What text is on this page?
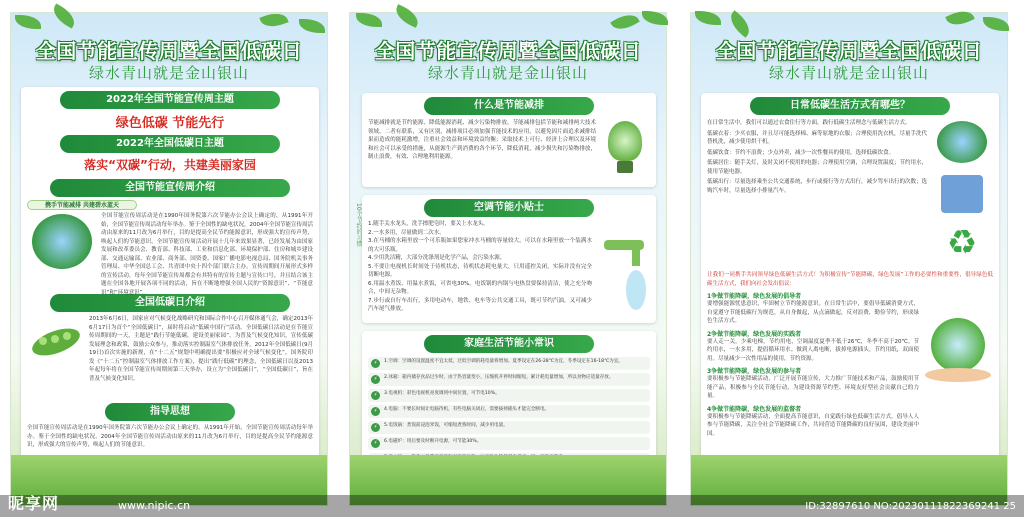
全国节能宣传周暨全国低碳日
绿水青山就是金山银山
2022年全国节能宣传周主题
绿色低碳 节能先行
2022年全国低碳日主题
落实“双碳”行动，共建美丽家园
全国节能宣传周介绍
携手节能减排 共建碧水蓝天
全国节能宣传周活动是在1990年国务院第六次节能办公会议上确定的，从1991年开始，全国节能宣传周活动每年举办。鉴于全国性的缺电状况，2004年全国节能宣传周活动由原来的11月改为6月举行，目的是提高全民节约能源意识，形成强大的宣传声势，唤起人们的节能意识。全国节能宣传周活动开展十几年来效果显著，已经发展为由国家发展和改革委员会、教育部、科技部、工业和信息化部、环境保护部、住房和城乡建设部、交通运输部、农业部、商务部、国资委、国家广播电影电视总局、国务院机关事务管理局、中华全国总工会、共青团中央十四个部门联合主办，宣传周期间开展形式多样的宣传活动。每年全国节能宣传周都会有其特有的宣传主题与宣传口号，并且结合该主题在全国各地开展各项不同的活动，旨在不断地增强全国人民的“资源意识”、“节能意识”和“环境意识”。
全国低碳日介绍
2013年6月6日，国家应对气候变化战略研究和国际合作中心召开媒体通气会，确定2013年6月17日为首个“全国低碳日”，届时将启动“低碳中国行”活动。全国低碳日活动是在节能宣传周期间的一天，主题是“践行节能低碳，建设美丽家园”。为普及气候变化知识，宣传低碳发展理念和政策，鼓励公众参与，推动落实控制温室气体排放任务，2012年全国低碳日(9月19日)首次实施的新规，在“十二五”规划中明确提出要“积极应对全球气候变化”，国务院印发《“十二五”控制温室气体排放工作方案》，提出“践行低碳”的理念，全国低碳日以及2013年起每年将在全国节能宣传周期间第三天举办，设立为“全国低碳日”，“全国低碳日”，旨在普及气候变化知识。
指导思想
全国节能宣传周活动是在1990年国务院第六次节能办公会议上确定的，从1991年开始，全国节能宣传周活动每年举办。鉴于全国性的缺电状况，2004年全国节能宣传周活动由原来的11月改为6月举行，目的是提高全民节约能源意识，形成强大的宣传声势，唤起人们的节能意识。
全国节能宣传周暨全国低碳日
绿水青山就是金山银山
什么是节能减排
节能减排就是节约能源、降低能源消耗、减少污染物排放。节能减排包括节能和减排两大技术领域，二者有联系，又有区别，减排项目必须加强节能技术的应用，以避免因片面追求减排结果而造成的能耗激增，注重社会效益和环境效益均衡；采取技术上可行、经济上合理以及环境和社会可以承受的措施，从能源生产到消费的各个环节，降低消耗，减少损失和污染物排放，制止浪费，有效、合理地利用能源。
空调节能小贴士
1.随手关水龙头，洗手擦肥皂时，要关上水龙头。
2.一水多用，尽量做到二次水。
3.在马桶的水箱里放一个可乐瓶如果您家冲水马桶的容量较大，可以在水箱里放一个装满水的大可乐瓶。
4.少用洗洁精，大部分洗涤剂是化学产品，会污染水源。
5.不要让电视机长时间处于待机状态，待机状态耗电量大，只用遥控关闭，实际并没有完全切断电源。
6.用温水煮饭、用温水煮饭，可省电30%。电饭锅的内锅与电热盘要保持清洁，使之充分吻合，中间无杂物。
7.步行或自行车出行，多用电动车，地铁、电车等公共交通工具，既可节约汽油，又可减少汽车尾气排放。
10个节约的习惯
家庭生活节能小常识
⚡	1.空调：空调的设置温度不宜太低，过低空调的耗电量将增加。夏季设定在26-28℃为宜，冬季设定在16-18℃为宜。
⚡	2.冰箱：箱内储存食品过少时，由于热容量变小，压缩机开停时间缩短，累计耗电量增加，所以食物应适量存放。
⚡	3.电视机：彩色电视机亮度调到中间位置，可节电10%。
⚡	4.电脑：不要长时间让电脑待机，有些电脑关闭后，需要拔掉插头才能完全断电。
⚡	5.电饭锅：煮饭前浸泡米饭，可缩短煮熟时间，减少用电量。
⚡	6.电磁炉：用后要及时断开电源，可节能30%。
全国节能宣传周暨全国低碳日
绿水青山就是金山银山
日常低碳生活方式有哪些？
在日常生活中，我们可以通过衣食住行等方面，践行低碳生活理念与低碳生活方式。
低碳衣着：少买衣服，并且尽可能选择棉、麻等原地的衣服；合理使用洗衣机，尽量手洗代替机洗，减少使用烘干机。
低碳饮食：节约不浪费；少点外卖，减少一次性餐具的使用，选择低碳饮食。
低碳居住：随手关灯，及时关闭不使用的电器；合理使用空调，合理设置温度；节约用水，使用节能电器。
低碳出行：尽量选择乘坐公共交通系统，步行或骑行等方式出行，减少驾车出行的次数；选购汽车时，尽量选择小排量汽车。
♻
让我们一同携手共同领导绿色低碳生活方式！为积极宣传“节能降碳，绿色发展”工作的必要性和重要性，倡导绿色低碳生活方式，我们向社会发出倡议：
1争做节能降碳，绿色发展的倡导者
要增强能源忧患意识，牢固树立节约能源意识。在日常生活中，要倡导低碳消费方式，自觉遵守节能低碳行为规范，从自身做起，从点滴做起，反对浪费，勤俭节约，形成绿色生活方式。
2争做节能降碳，绿色发展的实践者
要人走一关，少乘电梯，节约用电，空调温度夏季不低于26℃，冬季不高于20℃。节约用水，一水多用，提倡循环用水。做到人离电断，拔掉电源插头。节约用纸，双面使用。尽量减少一次性用品的使用，节约资源。
3争做节能降碳，绿色发展的参与者
要积极参与节能降碳活动，广泛开展节能宣传，大力推广节能技术和产品，鼓励使用节能产品，积极参与全民节能行动，为建设资源节约型、环境友好型社会贡献自己的力量。
4争做节能降碳，绿色发展的监督者
要积极参与节能降碳活动，全面提高节能意识，自觉践行绿色低碳生活方式，倡导人人参与节能降碳，关注全社会节能降碳工作，共同营造节能降碳的良好氛围，建设美丽中国。
昵享网	www.nipic.cn	ID:32897610 NO:20230111822369241 25
